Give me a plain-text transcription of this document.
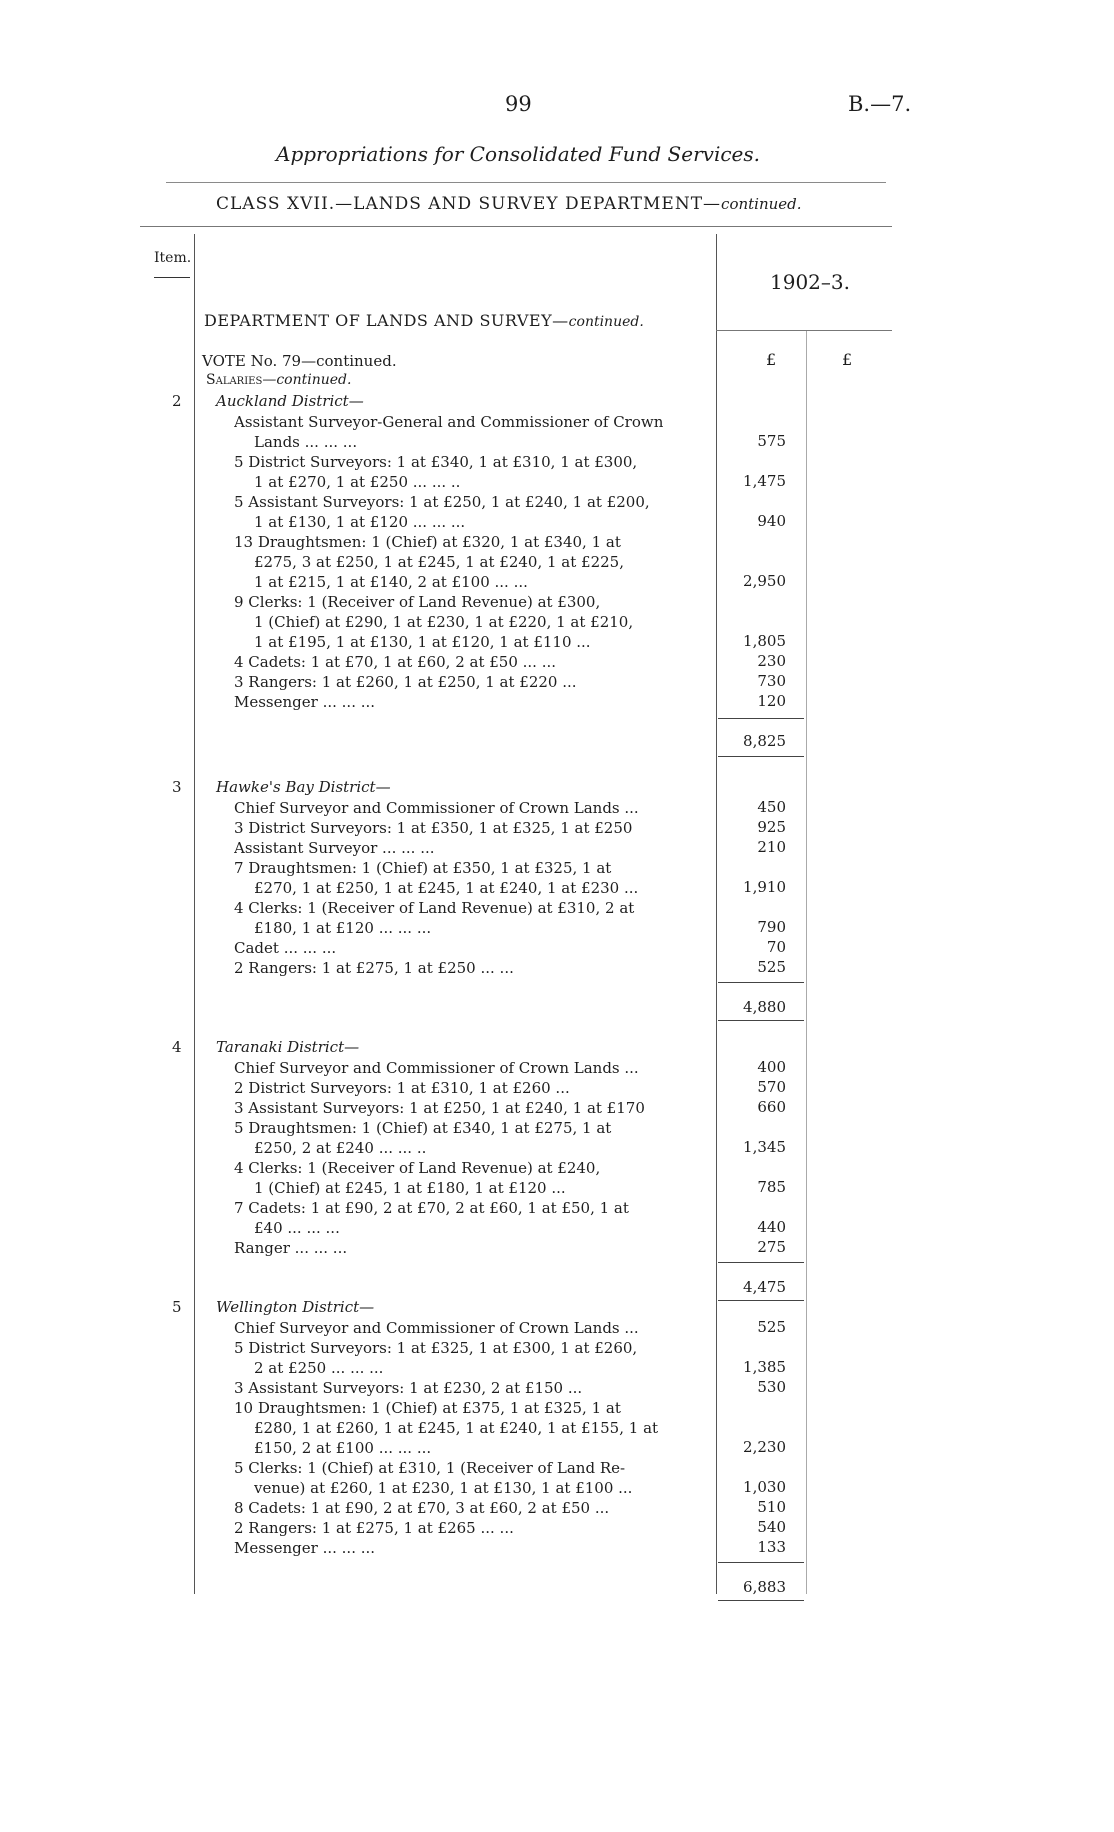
99	B.—7.
Appropriations for Consolidated Fund Services.
CLASS XVII.—LANDS AND SURVEY DEPARTMENT—continued.
Item.
1902–3.
DEPARTMENT OF LANDS AND SURVEY—continued.
£	£
VOTE No. 79—continued.
Salaries—continued.
2 Auckland District—
Assistant Surveyor-General and Commissioner of Crown
Lands ... ... ...	575
5 District Surveyors: 1 at £340, 1 at £310, 1 at £300,
1 at £270, 1 at £250 ... ... ..	1,475
5 Assistant Surveyors: 1 at £250, 1 at £240, 1 at £200,
1 at £130, 1 at £120 ... ... ...	940
13 Draughtsmen: 1 (Chief) at £320, 1 at £340, 1 at
£275, 3 at £250, 1 at £245, 1 at £240, 1 at £225,
1 at £215, 1 at £140, 2 at £100 ... ...	2,950
9 Clerks: 1 (Receiver of Land Revenue) at £300,
1 (Chief) at £290, 1 at £230, 1 at £220, 1 at £210,
1 at £195, 1 at £130, 1 at £120, 1 at £110 ...	1,805
4 Cadets: 1 at £70, 1 at £60, 2 at £50 ... ...	230
3 Rangers: 1 at £260, 1 at £250, 1 at £220 ...	730
Messenger ... ... ...	120
8,825
3 Hawke's Bay District—
Chief Surveyor and Commissioner of Crown Lands ...	450
3 District Surveyors: 1 at £350, 1 at £325, 1 at £250	925
Assistant Surveyor ... ... ...	210
7 Draughtsmen: 1 (Chief) at £350, 1 at £325, 1 at
£270, 1 at £250, 1 at £245, 1 at £240, 1 at £230 ...	1,910
4 Clerks: 1 (Receiver of Land Revenue) at £310, 2 at
£180, 1 at £120 ... ... ...	790
Cadet ... ... ...	70
2 Rangers: 1 at £275, 1 at £250 ... ...	525
4,880
4 Taranaki District—
Chief Surveyor and Commissioner of Crown Lands ...	400
2 District Surveyors: 1 at £310, 1 at £260 ...	570
3 Assistant Surveyors: 1 at £250, 1 at £240, 1 at £170	660
5 Draughtsmen: 1 (Chief) at £340, 1 at £275, 1 at
£250, 2 at £240 ... ... ..	1,345
4 Clerks: 1 (Receiver of Land Revenue) at £240,
1 (Chief) at £245, 1 at £180, 1 at £120 ...	785
7 Cadets: 1 at £90, 2 at £70, 2 at £60, 1 at £50, 1 at
£40 ... ... ...	440
Ranger ... ... ...	275
4,475
5 Wellington District—
Chief Surveyor and Commissioner of Crown Lands ...	525
5 District Surveyors: 1 at £325, 1 at £300, 1 at £260,
2 at £250 ... ... ...	1,385
3 Assistant Surveyors: 1 at £230, 2 at £150 ...	530
10 Draughtsmen: 1 (Chief) at £375, 1 at £325, 1 at
£280, 1 at £260, 1 at £245, 1 at £240, 1 at £155, 1 at
£150, 2 at £100 ... ... ...	2,230
5 Clerks: 1 (Chief) at £310, 1 (Receiver of Land Re-
venue) at £260, 1 at £230, 1 at £130, 1 at £100 ...	1,030
8 Cadets: 1 at £90, 2 at £70, 3 at £60, 2 at £50 ...	510
2 Rangers: 1 at £275, 1 at £265 ... ...	540
Messenger ... ... ...	133
6,883
